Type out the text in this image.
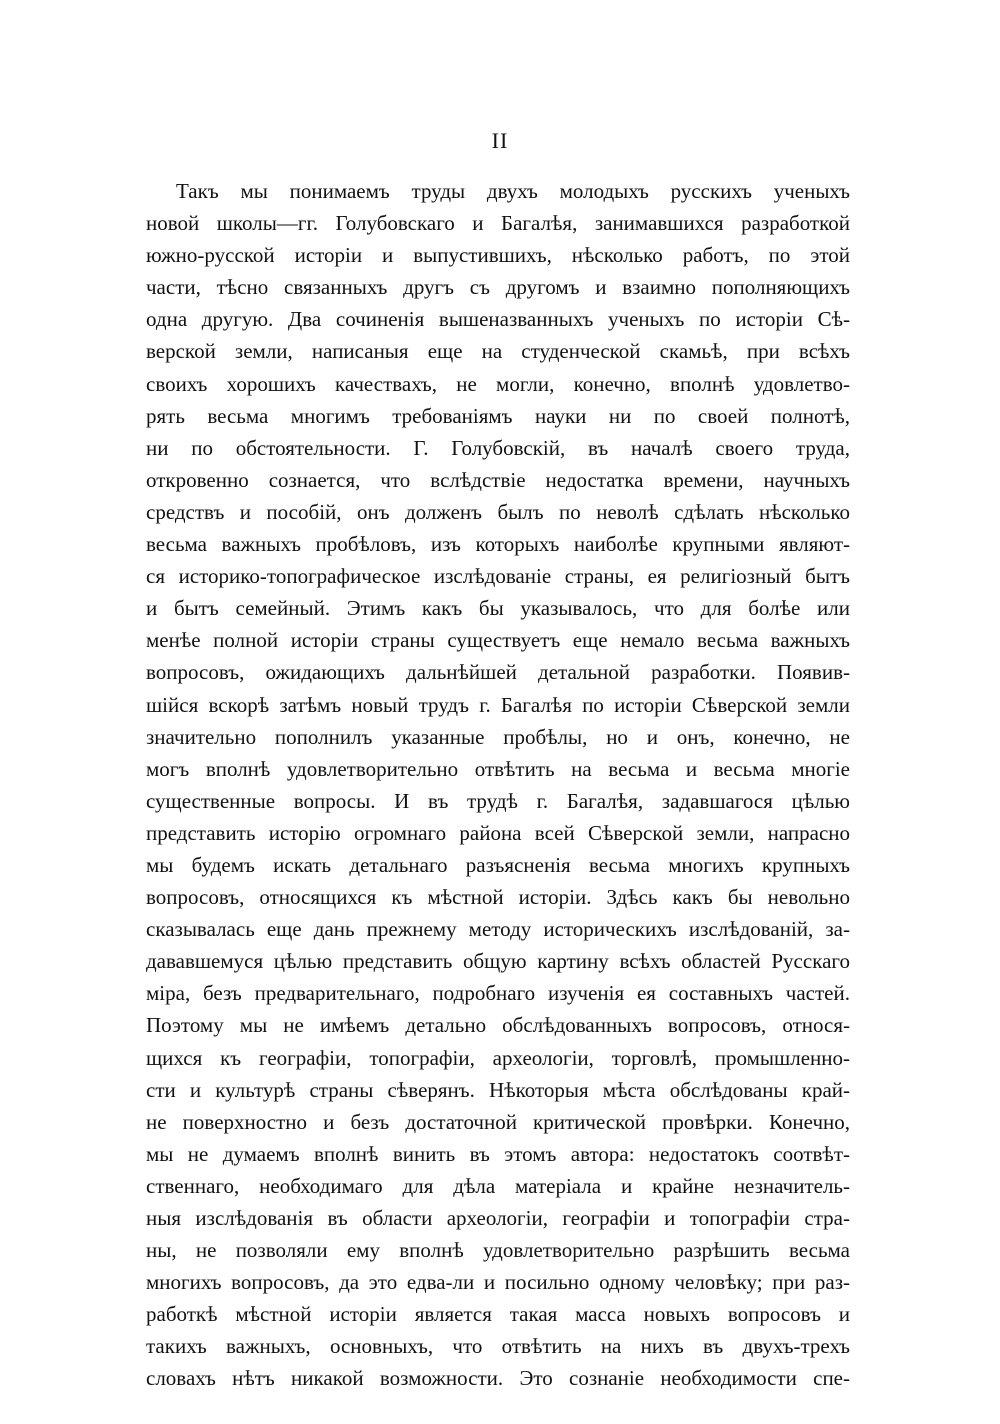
II
Такъ мы понимаемъ труды двухъ молодыхъ русскихъ ученыхъ
новой школы—гг. Голубовскаго и Багалѣя, занимавшихся разработкой
южно-русской исторіи и выпустившихъ, нѣсколько работъ, по этой
части, тѣсно связанныхъ другъ съ другомъ и взаимно пополняющихъ
одна другую. Два сочиненія вышеназванныхъ ученыхъ по исторіи Сѣ-
верской земли, написаныя еще на студенческой скамьѣ, при всѣхъ
своихъ хорошихъ качествахъ, не могли, конечно, вполнѣ удовлетво-
рять весьма многимъ требованіямъ науки ни по своей полнотѣ,
ни по обстоятельности. Г. Голубовскій, въ началѣ своего труда,
откровенно сознается, что вслѣдствіе недостатка времени, научныхъ
средствъ и пособій, онъ долженъ былъ по неволѣ сдѣлать нѣсколько
весьма важныхъ пробѣловъ, изъ которыхъ наиболѣе крупными являют-
ся историко-топографическое изслѣдованіе страны, ея религіозный бытъ
и бытъ семейный. Этимъ какъ бы указывалось, что для болѣе или
менѣе полной исторіи страны существуетъ еще немало весьма важныхъ
вопросовъ, ожидающихъ дальнѣйшей детальной разработки. Появив-
шійся вскорѣ затѣмъ новый трудъ г. Багалѣя по исторіи Сѣверской земли
значительно пополнилъ указанные пробѣлы, но и онъ, конечно, не
могъ вполнѣ удовлетворительно отвѣтить на весьма и весьма многіе
существенные вопросы. И въ трудѣ г. Багалѣя, задавшагося цѣлью
представить исторію огромнаго района всей Сѣверской земли, напрасно
мы будемъ искать детальнаго разъясненія весьма многихъ крупныхъ
вопросовъ, относящихся къ мѣстной исторіи. Здѣсь какъ бы невольно
сказывалась еще дань прежнему методу историческихъ изслѣдованій, за-
дававшемуся цѣлью представить общую картину всѣхъ областей Русскаго
міра, безъ предварительнаго, подробнаго изученія ея составныхъ частей.
Поэтому мы не имѣемъ детально обслѣдованныхъ вопросовъ, относя-
щихся къ географіи, топографіи, археологіи, торговлѣ, промышленно-
сти и культурѣ страны сѣверянъ. Нѣкоторыя мѣста обслѣдованы край-
не поверхностно и безъ достаточной критической провѣрки. Конечно,
мы не думаемъ вполнѣ винить въ этомъ автора: недостатокъ соотвѣт-
ственнаго, необходимаго для дѣла матеріала и крайне незначитель-
ныя изслѣдованія въ области археологіи, географіи и топографіи стра-
ны, не позволяли ему вполнѣ удовлетворительно разрѣшить весьма
многихъ вопросовъ, да это едва-ли и посильно одному человѣку; при раз-
работкѣ мѣстной исторіи является такая масса новыхъ вопросовъ и
такихъ важныхъ, основныхъ, что отвѣтить на нихъ въ двухъ-трехъ
словахъ нѣтъ никакой возможности. Это сознаніе необходимости спе-
